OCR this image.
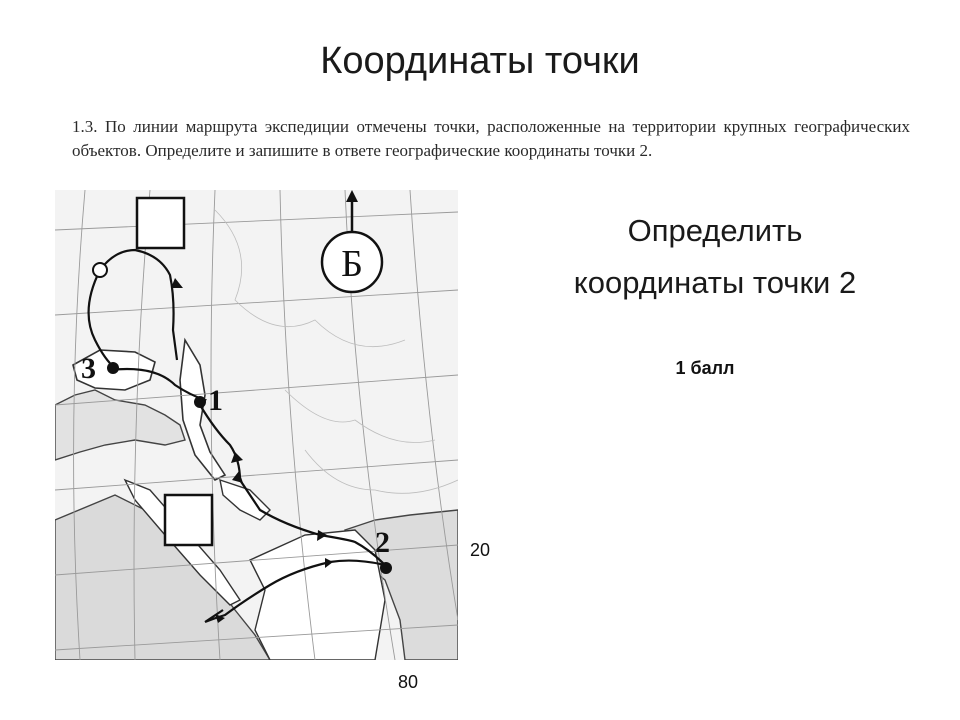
Координаты точки
1.3. По линии маршрута экспедиции отмечены точки, расположенные на территории крупных географических объектов. Определите и запишите в ответе географические координаты точки 2.
Б
1
2
3
Определить
координаты точки 2
1 балл
20
80
